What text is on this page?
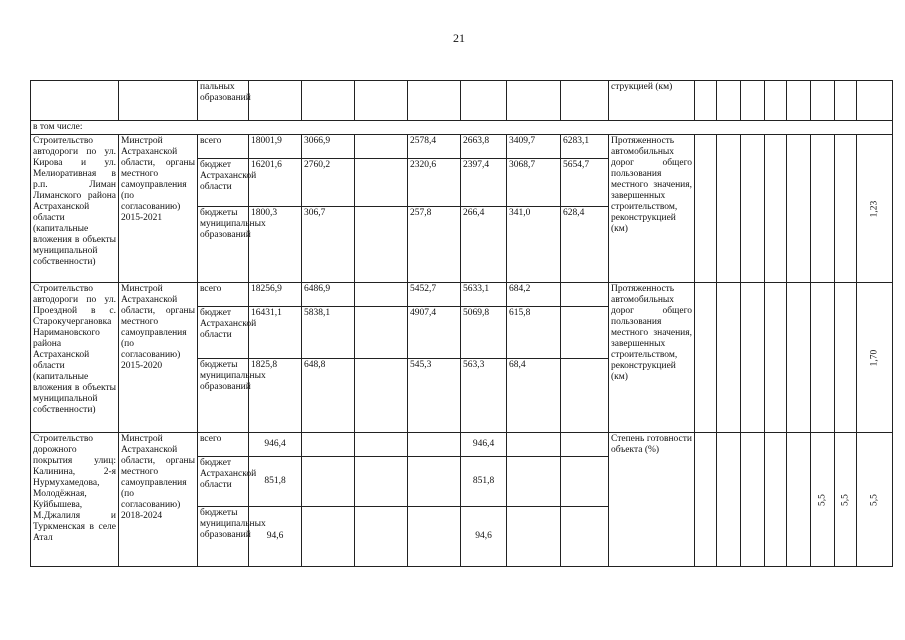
21
		пальных образований								струкцией (км)								
в том числе:																		
Строительство автодороги по ул. Кирова и ул. Мелиоративная в р.п. Лиман Лиманского района Астраханской области (капитальные вложения в объекты муниципальной собственности)	Минстрой Астраханской области, органы местного самоуправления (по согласованию) 2015-2021	всего	18001,9	3066,9		2578,4	2663,8	3409,7	6283,1	Протяженность автомобильных дорог общего пользования местного значения, завершенных строительством, реконструкцией (км)								1,23

		бюджет Астраханской области	16201,6	2760,2		2320,6	2397,4	3068,7	5654,7									
		бюджеты муниципальных образований	1800,3	306,7		257,8	266,4	341,0	628,4									
Строительство автодороги по ул. Проездной в с. Старокучергановка Наримановского района Астраханской области (капитальные вложения в объекты муниципальной собственности)	Минстрой Астраханской области, органы местного самоуправления (по согласованию) 2015-2020	всего	18256,9	6486,9		5452,7	5633,1	684,2		Протяженность автомобильных дорог общего пользования местного значения, завершенных строительством, реконструкцией (км)								1,70

		бюджет Астраханской области	16431,1	5838,1		4907,4	5069,8	615,8										
		бюджеты муниципальных образований	1825,8	648,8		545,3	563,3	68,4										
Строительство дорожного покрытия улиц: Калинина, 2-я Нурмухамедова, Молодёжная, Куйбышева, М.Джалиля и Туркменская в селе Атал	Минстрой Астраханской области, органы местного самоуправления (по согласованию) 2018-2024	всего	946,4				946,4			Степень готовности объекта (%)						5,5	5,5	5,5

		бюджет Астраханской области	851,8				851,8											
		бюджеты муниципальных образований	94,6				94,6											
